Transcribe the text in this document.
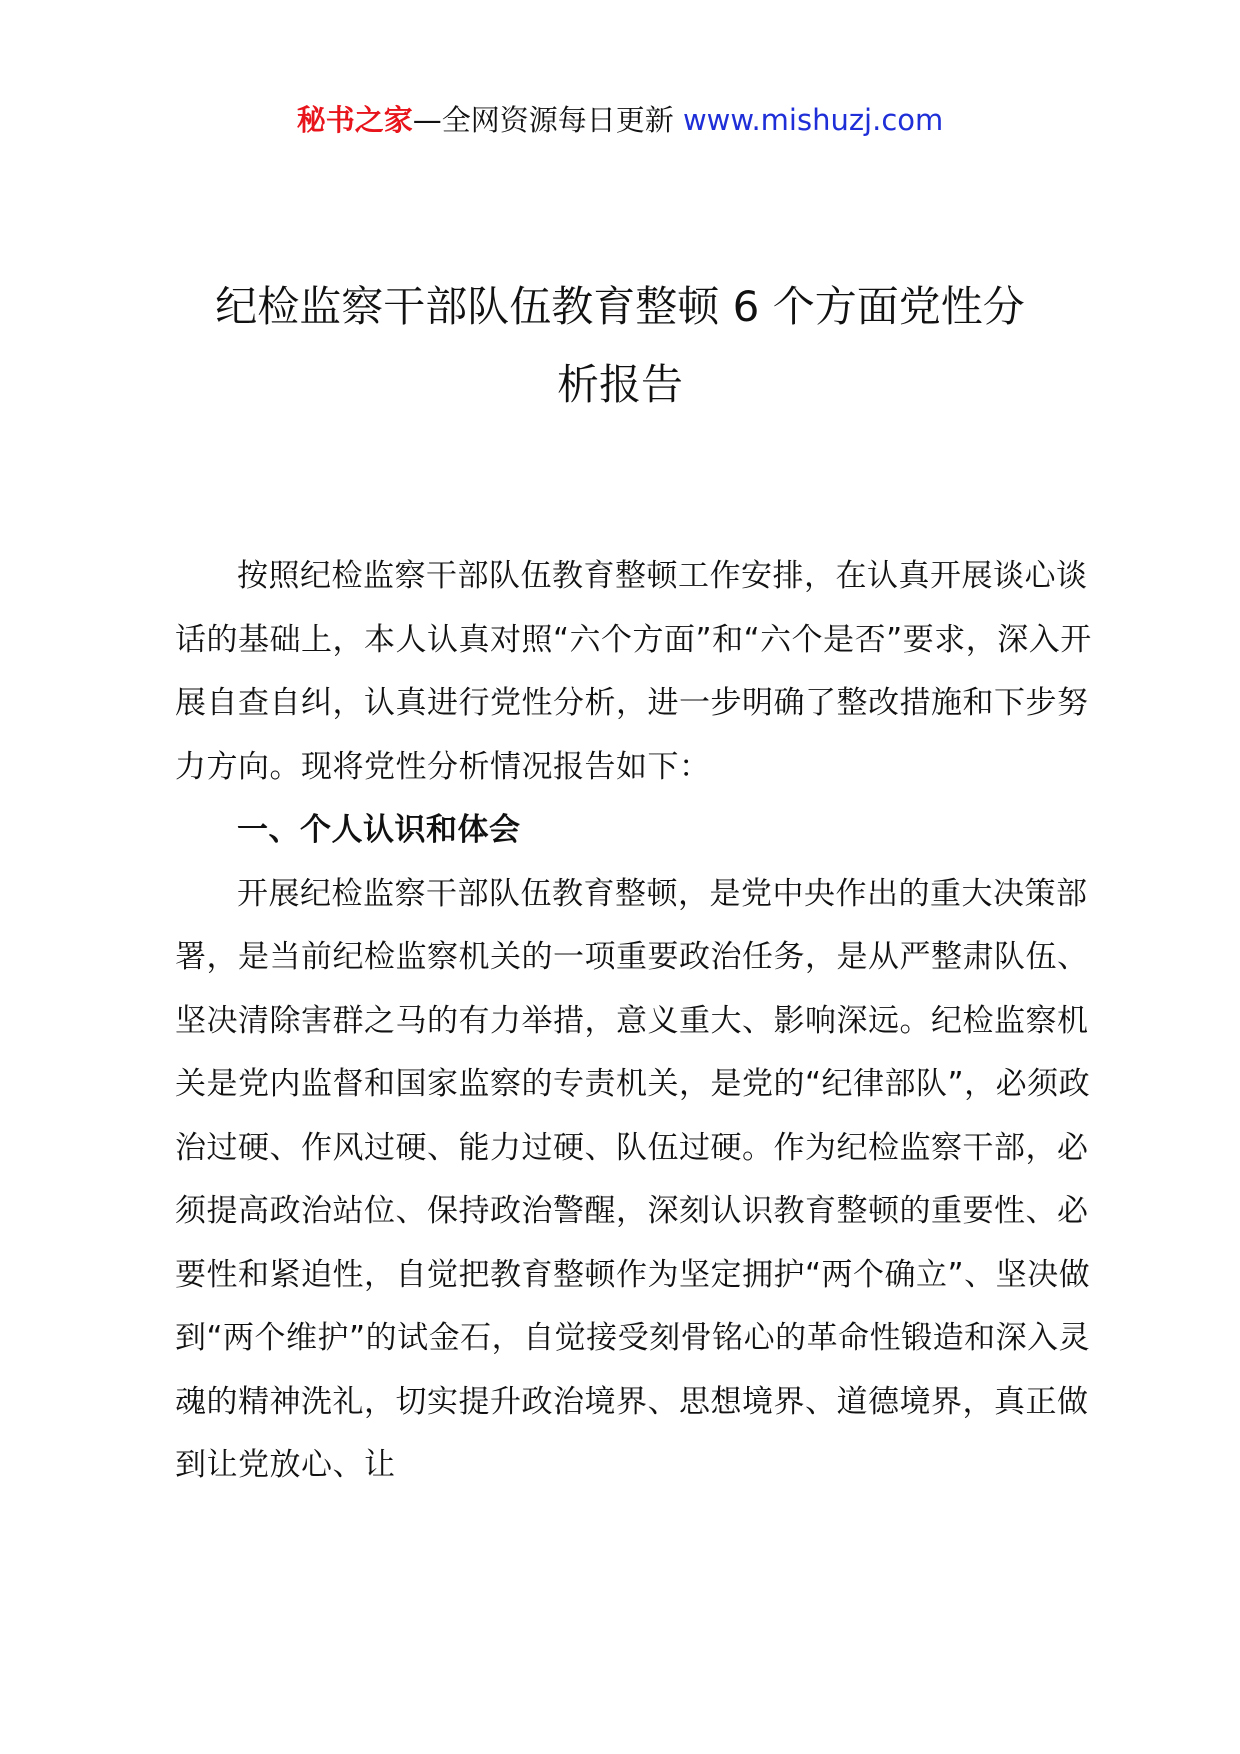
秘书之家—全网资源每日更新 www.mishuzj.com
纪检监察干部队伍教育整顿 6 个方面党性分
析报告

按照纪检监察干部队伍教育整顿工作安排，在认真开展谈心谈话的基础上，本人认真对照“六个方面”和“六个是否”要求，深入开展自查自纠，认真进行党性分析，进一步明确了整改措施和下步努力方向。现将党性分析情况报告如下：

一、个人认识和体会

开展纪检监察干部队伍教育整顿，是党中央作出的重大决策部署，是当前纪检监察机关的一项重要政治任务，是从严整肃队伍、坚决清除害群之马的有力举措，意义重大、影响深远。纪检监察机关是党内监督和国家监察的专责机关，是党的“纪律部队”，必须政治过硬、作风过硬、能力过硬、队伍过硬。作为纪检监察干部，必须提高政治站位、保持政治警醒，深刻认识教育整顿的重要性、必要性和紧迫性，自觉把教育整顿作为坚定拥护“两个确立”、坚决做到“两个维护”的试金石，自觉接受刻骨铭心的革命性锻造和深入灵魂的精神洗礼，切实提升政治境界、思想境界、道德境界，真正做到让党放心、让
